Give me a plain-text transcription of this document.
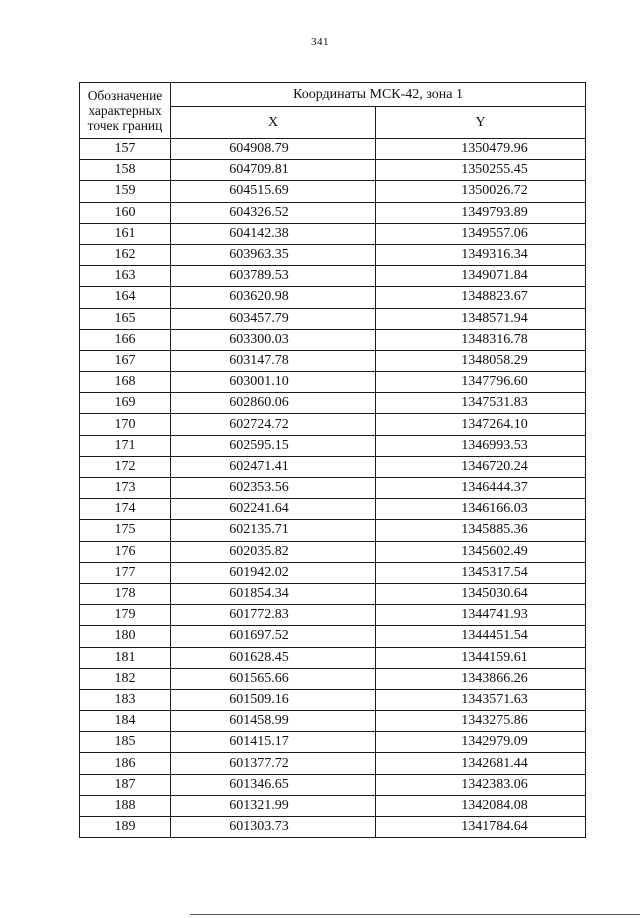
341
Обозначение характерных точек границ	Координаты МСК-42, зона 1	
	X	Y
157	604908.79	1350479.96
158	604709.81	1350255.45
159	604515.69	1350026.72
160	604326.52	1349793.89
161	604142.38	1349557.06
162	603963.35	1349316.34
163	603789.53	1349071.84
164	603620.98	1348823.67
165	603457.79	1348571.94
166	603300.03	1348316.78
167	603147.78	1348058.29
168	603001.10	1347796.60
169	602860.06	1347531.83
170	602724.72	1347264.10
171	602595.15	1346993.53
172	602471.41	1346720.24
173	602353.56	1346444.37
174	602241.64	1346166.03
175	602135.71	1345885.36
176	602035.82	1345602.49
177	601942.02	1345317.54
178	601854.34	1345030.64
179	601772.83	1344741.93
180	601697.52	1344451.54
181	601628.45	1344159.61
182	601565.66	1343866.26
183	601509.16	1343571.63
184	601458.99	1343275.86
185	601415.17	1342979.09
186	601377.72	1342681.44
187	601346.65	1342383.06
188	601321.99	1342084.08
189	601303.73	1341784.64
